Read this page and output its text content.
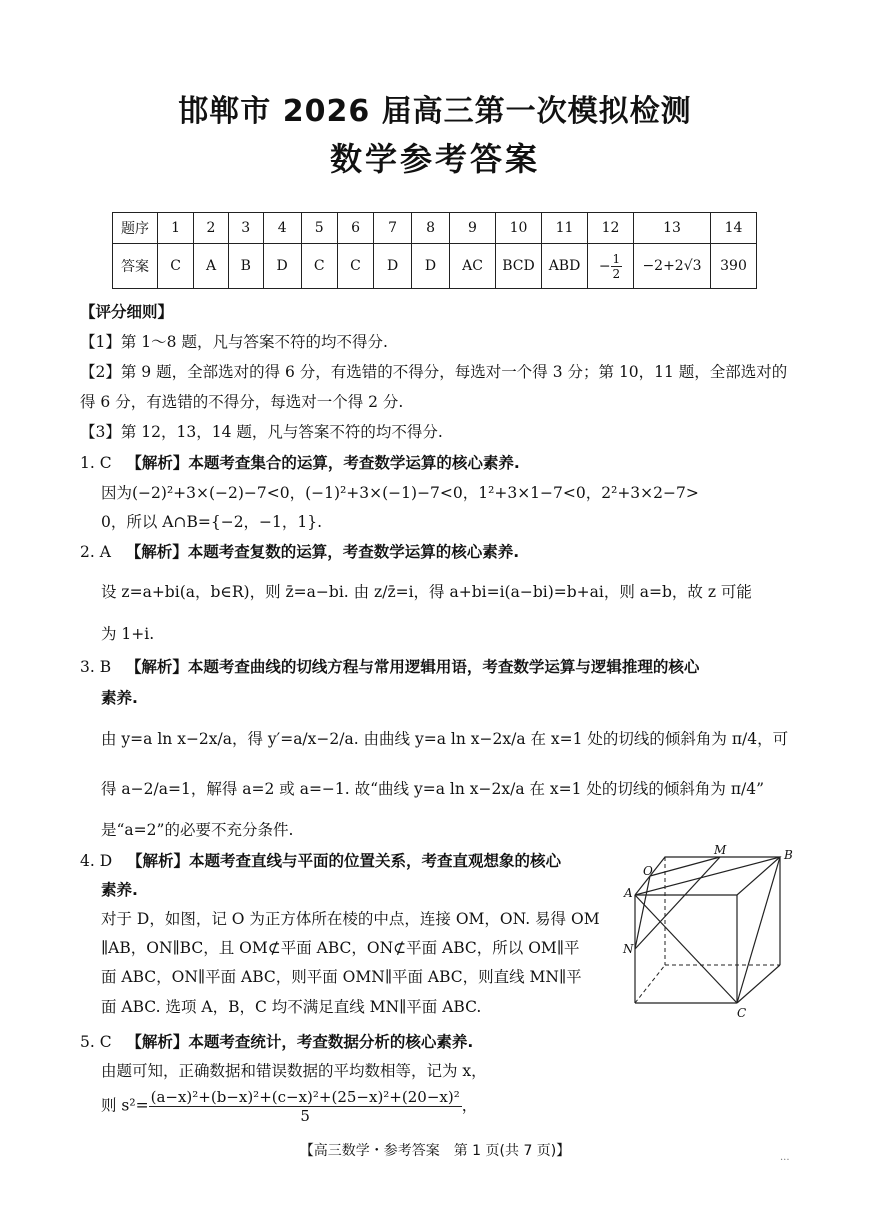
邯郸市 2026 届高三第一次模拟检测
数学参考答案
题序	1	2	3	4	5	6	7	8	9	10	11	12	13	14
答案	C	A	B	D	C	C	D	D	AC	BCD	ABD	− $\frac{1}{2}$	−2+2√3	390
【评分细则】
【1】第 1～8 题，凡与答案不符的均不得分.
【2】第 9 题，全部选对的得 6 分，有选错的不得分，每选对一个得 3 分；第 10，11 题，全部选对的
得 6 分，有选错的不得分，每选对一个得 2 分.
【3】第 12，13，14 题，凡与答案不符的均不得分.
1. C 【解析】本题考查集合的运算，考查数学运算的核心素养.
因为(−2)²+3×(−2)−7<0，(−1)²+3×(−1)−7<0，1²+3×1−7<0，2²+3×2−7>
0，所以 A∩B={−2，−1，1}.
2. A 【解析】本题考查复数的运算，考查数学运算的核心素养.
设 z=a+bi(a，b∈R)，则 z̄=a−bi. 由 z/z̄=i，得 a+bi=i(a−bi)=b+ai，则 a=b，故 z 可能
为 1+i.
3. B 【解析】本题考查曲线的切线方程与常用逻辑用语，考查数学运算与逻辑推理的核心
素养.
由 y=a ln x−2x/a，得 y′=a/x−2/a. 由曲线 y=a ln x−2x/a 在 x=1 处的切线的倾斜角为 π/4，可
得 a−2/a=1，解得 a=2 或 a=−1. 故“曲线 y=a ln x−2x/a 在 x=1 处的切线的倾斜角为 π/4”
是“a=2”的必要不充分条件.
4. D 【解析】本题考查直线与平面的位置关系，考查直观想象的核心
素养.
对于 D，如图，记 O 为正方体所在棱的中点，连接 OM，ON. 易得 OM
∥AB，ON∥BC，且 OM⊄平面 ABC，ON⊄平面 ABC，所以 OM∥平
面 ABC，ON∥平面 ABC，则平面 OMN∥平面 ABC，则直线 MN∥平
面 ABC. 选项 A，B，C 均不满足直线 MN∥平面 ABC.
A
B
C
M
N
O
5. C 【解析】本题考查统计，考查数据分析的核心素养.
由题可知，正确数据和错误数据的平均数相等，记为 x，
则 $s^2= \frac{\text{(a−x)²+(b−x)²+(c−x)²+(25−x)²+(20−x)²}}{5}$ ，
【高三数学・参考答案　第 1 页(共 7 页)】	...
